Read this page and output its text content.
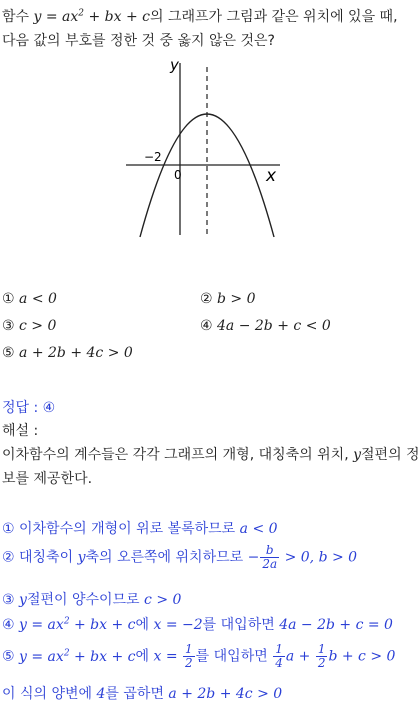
함수 $y = ax^2$ + bx + c의 그래프가 그림과 같은 위치에 있을 때,
다음 값의 부호를 정한 것 중 옳지 않은 것은?
y
x
0
−2
① a < 0	② b > 0
③ c > 0	④ 4a − 2b + c < 0
⑤ a + 2b + 4c > 0
정답 : ④
해설 :
이차함수의 계수들은 각각 그래프의 개형, 대칭축의 위치, y절편의 정
보를 제공한다.
① 이차함수의 개형이 위로 볼록하므로 a < 0
② 대칭축이 y축의 오른쪽에 위치하므로 − $\frac{b}{2a} > 0$, b > 0
③ y절편이 양수이므로 c > 0
④ $y = ax^2$ + bx + c에 x = −2를 대입하면 4a − 2b + c = 0
⑤ $y = ax^2$ + bx + c에 $x = \frac{1}{2}$ 를 대입하면 $\frac{1}{4}$ $a + \frac{1}{2}$ b + c > 0
이 식의 양변에 4를 곱하면 a + 2b + 4c > 0
